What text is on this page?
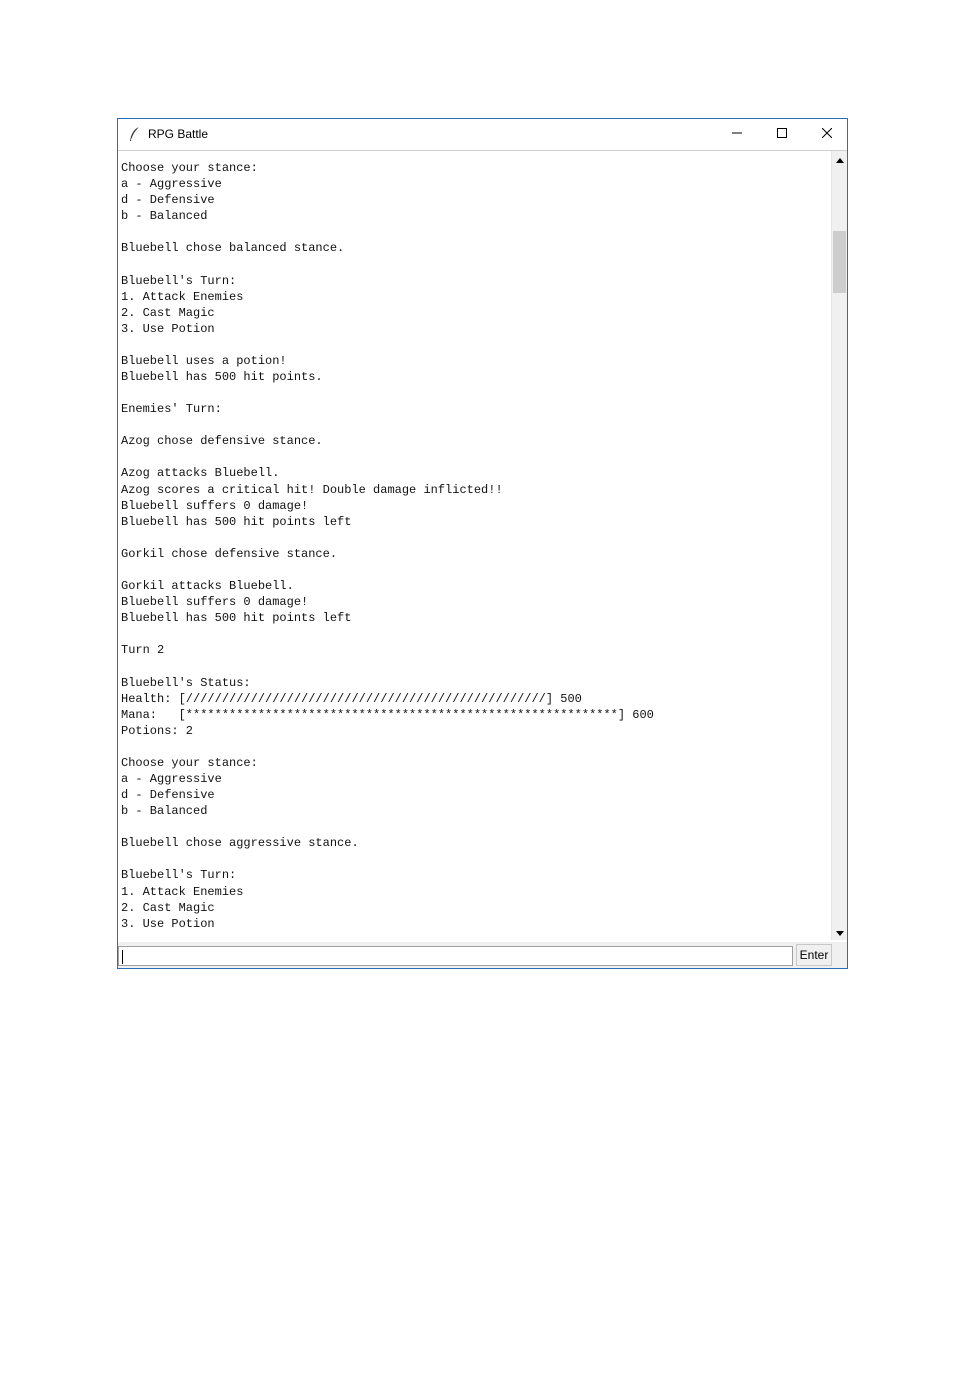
RPG Battle
Choose your stance:
a - Aggressive
d - Defensive
b - Balanced
Bluebell chose balanced stance.
Bluebell's Turn:
1. Attack Enemies
2. Cast Magic
3. Use Potion
Bluebell uses a potion!
Bluebell has 500 hit points.
Enemies' Turn:
Azog chose defensive stance.
Azog attacks Bluebell.
Azog scores a critical hit! Double damage inflicted!!
Bluebell suffers 0 damage!
Bluebell has 500 hit points left
Gorkil chose defensive stance.
Gorkil attacks Bluebell.
Bluebell suffers 0 damage!
Bluebell has 500 hit points left
Turn 2
Bluebell's Status:
Health: [//////////////////////////////////////////////////] 500
Mana:   [************************************************************] 600
Potions: 2
Choose your stance:
a - Aggressive
d - Defensive
b - Balanced
Bluebell chose aggressive stance.
Bluebell's Turn:
1. Attack Enemies
2. Cast Magic
3. Use Potion
Enter
